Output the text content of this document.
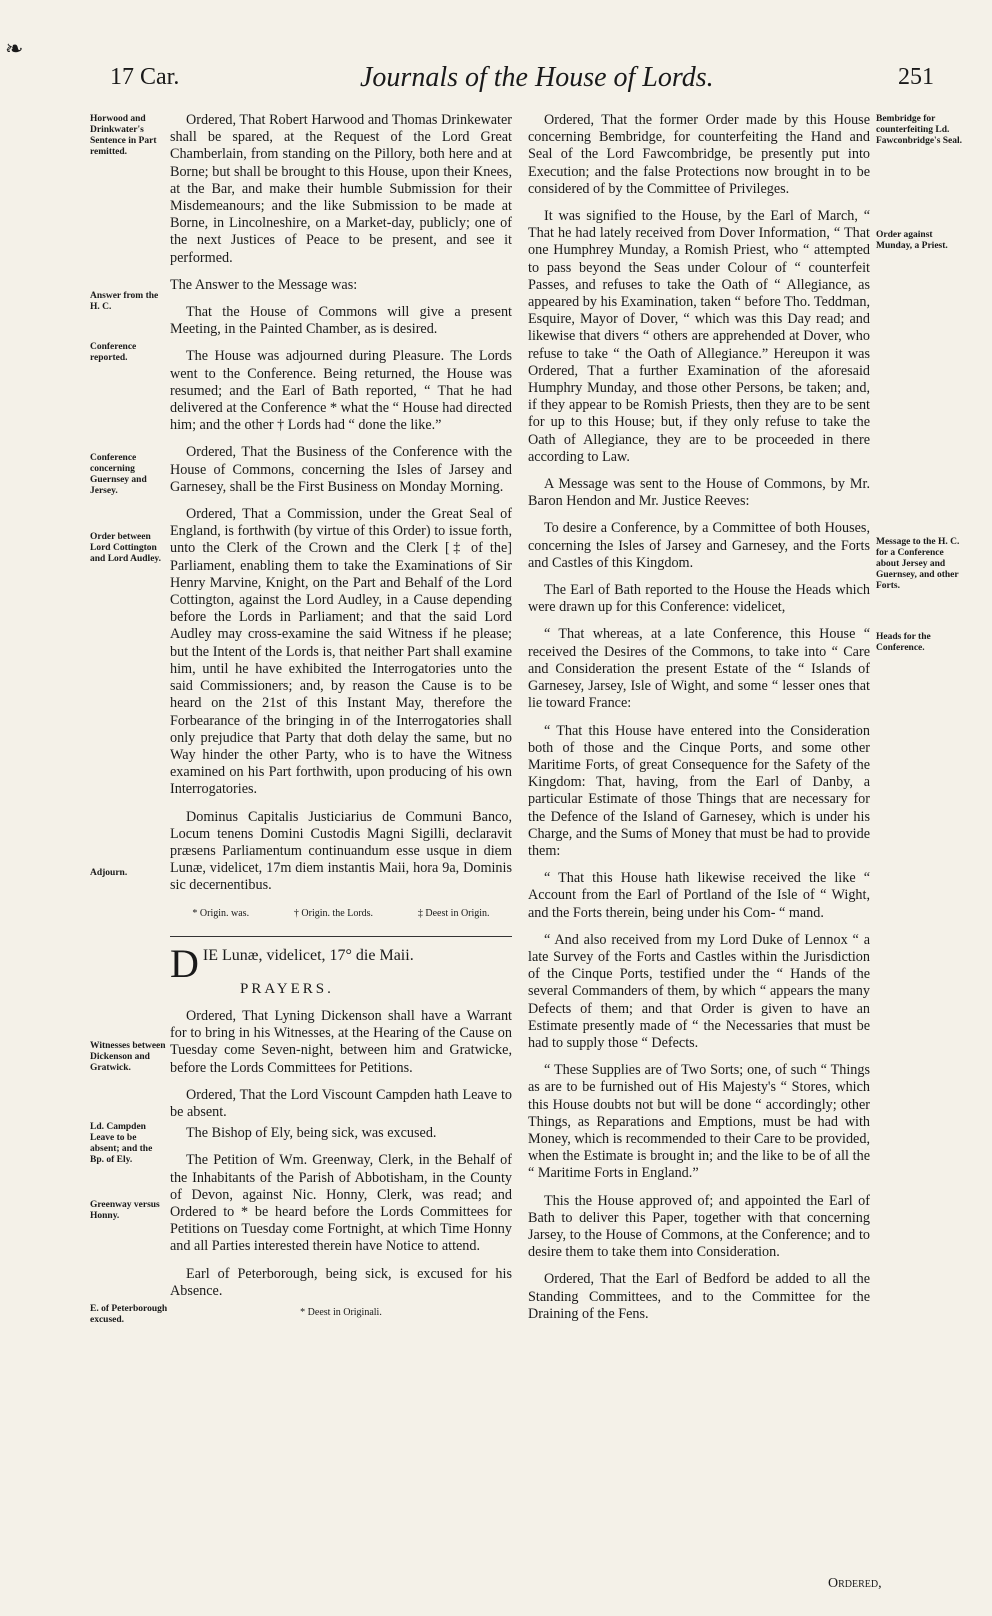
❧
17 Car.	Journals of the House of Lords.	251
Horwood and Drinkwater's Sentence in Part remitted.
Answer from the H. C.
Conference reported.
Conference concerning Guernsey and Jersey.
Order between Lord Cottington and Lord Audley.
Adjourn.
Witnesses between Dickenson and Gratwick.
Ld. Campden Leave to be absent; and the Bp. of Ely.
Greenway versus Honny.
E. of Peterborough excused.
Bembridge for counterfeiting Ld. Fawconbridge's Seal.
Order against Munday, a Priest.
Message to the H. C. for a Conference about Jersey and Guernsey, and other Forts.
Heads for the Conference.

Ordered, That Robert Harwood and Thomas Drinkewater shall be spared, at the Request of the Lord Great Chamberlain, from standing on the Pillory, both here and at Borne; but shall be brought to this House, upon their Knees, at the Bar, and make their humble Submission for their Misdemeanours; and the like Submission to be made at Borne, in Lincolneshire, on a Market-day, publicly; one of the next Justices of Peace to be present, and see it performed.

The Answer to the Message was:

That the House of Commons will give a present Meeting, in the Painted Chamber, as is desired.

The House was adjourned during Pleasure. The Lords went to the Conference. Being returned, the House was resumed; and the Earl of Bath reported, “ That he had delivered at the Conference * what the “ House had directed him; and the other † Lords had “ done the like.”

Ordered, That the Business of the Conference with the House of Commons, concerning the Isles of Jarsey and Garnesey, shall be the First Business on Monday Morning.

Ordered, That a Commission, under the Great Seal of England, is forthwith (by virtue of this Order) to issue forth, unto the Clerk of the Crown and the Clerk [‡ of the] Parliament, enabling them to take the Examinations of Sir Henry Marvine, Knight, on the Part and Behalf of the Lord Cottington, against the Lord Audley, in a Cause depending before the Lords in Parliament; and that the said Lord Audley may cross-examine the said Witness if he please; but the Intent of the Lords is, that neither Part shall examine him, until he have exhibited the Interrogatories unto the said Commissioners; and, by reason the Cause is to be heard on the 21st of this Instant May, therefore the Forbearance of the bringing in of the Interrogatories shall only prejudice that Party that doth delay the same, but no Way hinder the other Party, who is to have the Witness examined on his Part forthwith, upon producing of his own Interrogatories.

Dominus Capitalis Justiciarius de Communi Banco, Locum tenens Domini Custodis Magni Sigilli, declaravit præsens Parliamentum continuandum esse usque in diem Lunæ, videlicet, 17m diem instantis Maii, hora 9a, Dominis sic decernentibus.

* Origin. was.	† Origin. the Lords.	‡ Deest in Origin.
D IE Lunæ, videlicet, 17° die Maii.
PRAYERS.

Ordered, That Lyning Dickenson shall have a Warrant for to bring in his Witnesses, at the Hearing of the Cause on Tuesday come Seven-night, between him and Gratwicke, before the Lords Committees for Petitions.

Ordered, That the Lord Viscount Campden hath Leave to be absent.

The Bishop of Ely, being sick, was excused.

The Petition of Wm. Greenway, Clerk, in the Behalf of the Inhabitants of the Parish of Abbotisham, in the County of Devon, against Nic. Honny, Clerk, was read; and Ordered to * be heard before the Lords Committees for Petitions on Tuesday come Fortnight, at which Time Honny and all Parties interested therein have Notice to attend.

Earl of Peterborough, being sick, is excused for his Absence.

* Deest in Originali.

Ordered, That the former Order made by this House concerning Bembridge, for counterfeiting the Hand and Seal of the Lord Fawcombridge, be presently put into Execution; and the false Protections now brought in to be considered of by the Committee of Privileges.

It was signified to the House, by the Earl of March, “ That he had lately received from Dover Information, “ That one Humphrey Munday, a Romish Priest, who “ attempted to pass beyond the Seas under Colour of “ counterfeit Passes, and refuses to take the Oath of “ Allegiance, as appeared by his Examination, taken “ before Tho. Teddman, Esquire, Mayor of Dover, “ which was this Day read; and likewise that divers “ others are apprehended at Dover, who refuse to take “ the Oath of Allegiance.” Hereupon it was Ordered, That a further Examination of the aforesaid Humphry Munday, and those other Persons, be taken; and, if they appear to be Romish Priests, then they are to be sent for up to this House; but, if they only refuse to take the Oath of Allegiance, they are to be proceeded in there according to Law.

A Message was sent to the House of Commons, by Mr. Baron Hendon and Mr. Justice Reeves:

To desire a Conference, by a Committee of both Houses, concerning the Isles of Jarsey and Garnesey, and the Forts and Castles of this Kingdom.

The Earl of Bath reported to the House the Heads which were drawn up for this Conference: videlicet,

“ That whereas, at a late Conference, this House “ received the Desires of the Commons, to take into “ Care and Consideration the present Estate of the “ Islands of Garnesey, Jarsey, Isle of Wight, and some “ lesser ones that lie toward France:

“ That this House have entered into the Consideration both of those and the Cinque Ports, and some other Maritime Forts, of great Consequence for the Safety of the Kingdom: That, having, from the Earl of Danby, a particular Estimate of those Things that are necessary for the Defence of the Island of Garnesey, which is under his Charge, and the Sums of Money that must be had to provide them:

“ That this House hath likewise received the like “ Account from the Earl of Portland of the Isle of “ Wight, and the Forts therein, being under his Com- “ mand.

“ And also received from my Lord Duke of Lennox “ a late Survey of the Forts and Castles within the Jurisdiction of the Cinque Ports, testified under the “ Hands of the several Commanders of them, by which “ appears the many Defects of them; and that Order is given to have an Estimate presently made of “ the Necessaries that must be had to supply those “ Defects.

“ These Supplies are of Two Sorts; one, of such “ Things as are to be furnished out of His Majesty's “ Stores, which this House doubts not but will be done “ accordingly; other Things, as Reparations and Emptions, must be had with Money, which is recommended to their Care to be provided, when the Estimate is brought in; and the like to be of all the “ Maritime Forts in England.”

This the House approved of; and appointed the Earl of Bath to deliver this Paper, together with that concerning Jarsey, to the House of Commons, at the Conference; and to desire them to take them into Consideration.

Ordered, That the Earl of Bedford be added to all the Standing Committees, and to the Committee for the Draining of the Fens.

Ordered,
